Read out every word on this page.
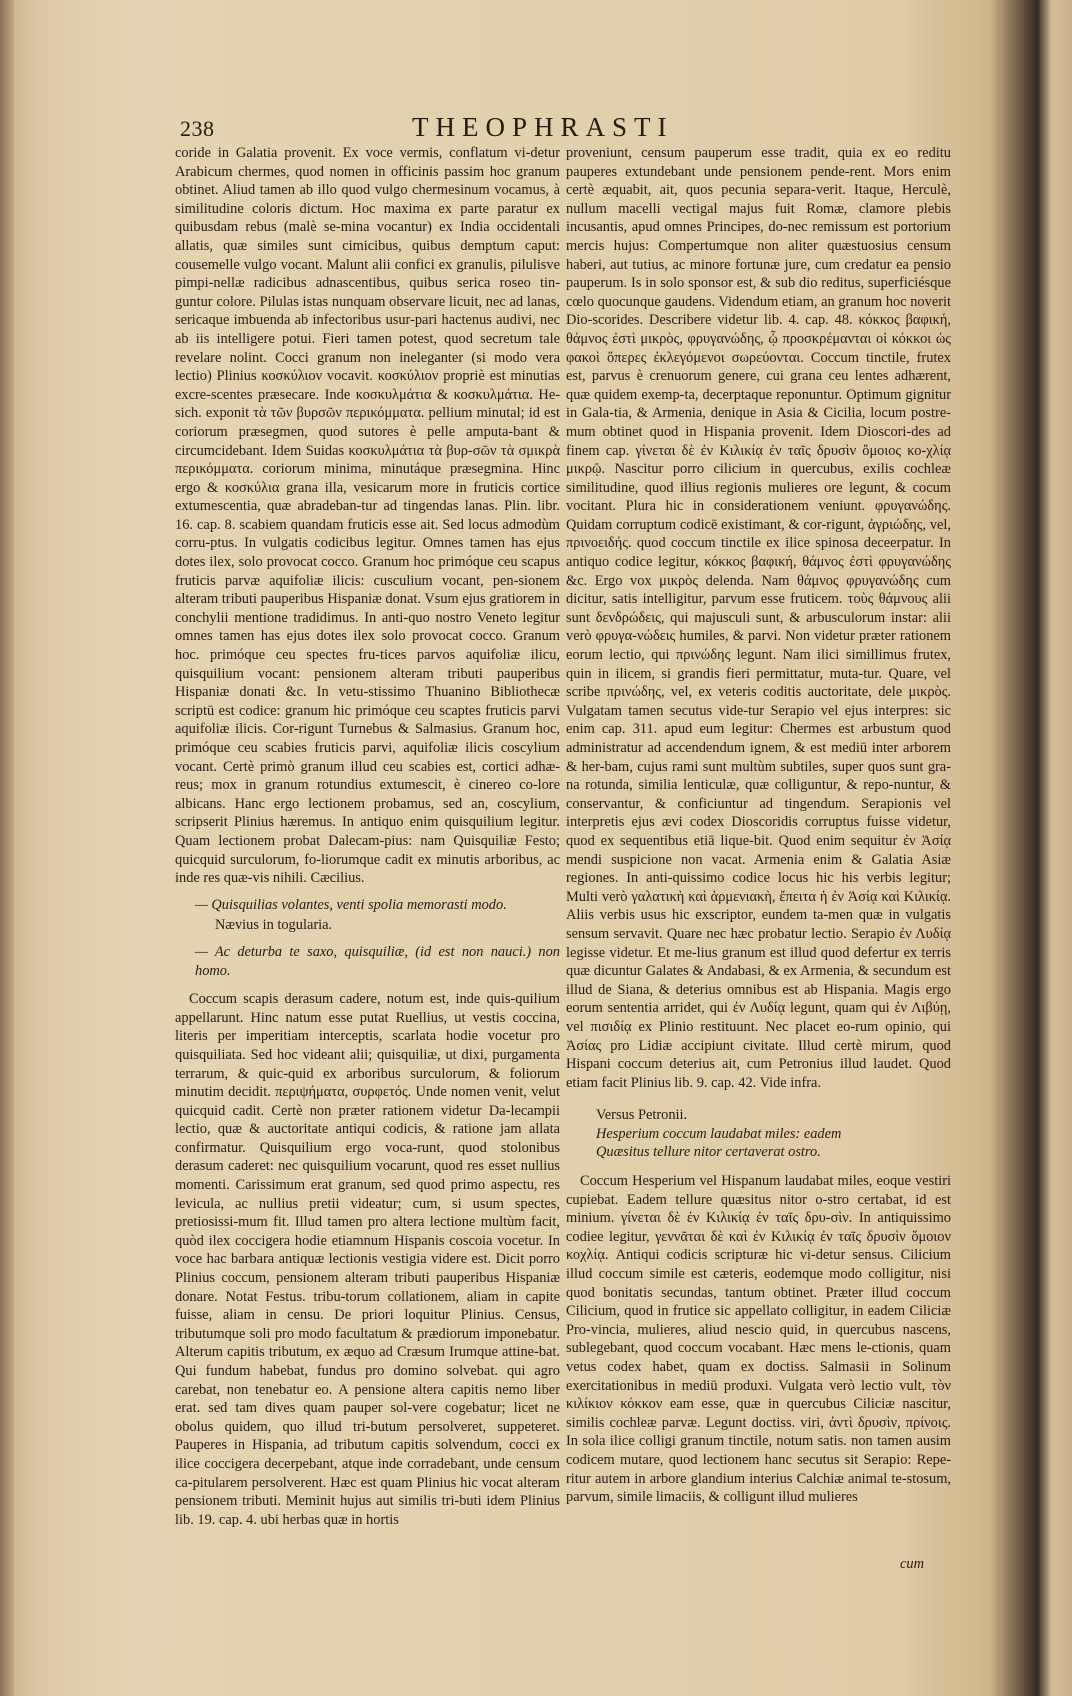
238	THEOPHRASTI

coride in Galatia provenit. Ex voce vermis, conflatum vi-detur Arabicum chermes, quod nomen in officinis passim hoc granum obtinet. Aliud tamen ab illo quod vulgo chermesinum vocamus, à similitudine coloris dictum. Hoc maxima ex parte paratur ex quibusdam rebus (malè se-mina vocantur) ex India occidentali allatis, quæ similes sunt cimicibus, quibus demptum caput: cousemelle vulgo vocant. Malunt alii confici ex granulis, pilulisve pimpi-nellæ radicibus adnascentibus, quibus serica roseo tin-guntur colore. Pilulas istas nunquam observare licuit, nec ad lanas, sericaque imbuenda ab infectoribus usur-pari hactenus audivi, nec ab iis intelligere potui. Fieri tamen potest, quod secretum tale revelare nolint. Cocci granum non ineleganter (si modo vera lectio) Plinius κοσκύλιον vocavit. κοσκύλιον propriè est minutias excre-scentes præsecare. Inde κοσκυλμάτια & κοσκυλμάτια. He-sich. exponit τὰ τῶν βυρσῶν περικόμματα. pellium minutal; id est coriorum præsegmen, quod sutores è pelle amputa-bant & circumcidebant. Idem Suidas κοσκυλμάτια τὰ βυρ-σῶν τὰ σμικρὰ περικόμματα. coriorum minima, minutáque præsegmina. Hinc ergo & κοσκύλια grana illa, vesicarum more in fruticis cortice extumescentia, quæ abradeban-tur ad tingendas lanas. Plin. libr. 16. cap. 8. scabiem quandam fruticis esse ait. Sed locus admodùm corru-ptus. In vulgatis codicibus legitur. Omnes tamen has ejus dotes ilex, solo provocat cocco. Granum hoc primóque ceu scapus fruticis parvæ aquifoliæ ilicis: cusculium vocant, pen-sionem alteram tributi pauperibus Hispaniæ donat. Vsum ejus gratiorem in conchylii mentione tradidimus. In anti-quo nostro Veneto legitur omnes tamen has ejus dotes ilex solo provocat cocco. Granum hoc. primóque ceu spectes fru-tices parvos aquifoliæ ilicu, quisquilium vocant: pensionem alteram tributi pauperibus Hispaniæ donati &c. In vetu-stissimo Thuanino Bibliothecæ scriptū est codice: granum hic primóque ceu scaptes fruticis parvi aquifoliæ ilicis. Cor-rigunt Turnebus & Salmasius. Granum hoc, primóque ceu scabies fruticis parvi, aquifoliæ ilicis coscylium vocant. Certè primò granum illud ceu scabies est, cortici adhæ-reus; mox in granum rotundius extumescit, è cinereo co-lore albicans. Hanc ergo lectionem probamus, sed an, coscylium, scripserit Plinius hæremus. In antiquo enim quisquilium legitur. Quam lectionem probat Dalecam-pius: nam Quisquiliæ Festo; quicquid surculorum, fo-liorumque cadit ex minutis arboribus, ac inde res quæ-vis nihili. Cæcilius.

— Quisquilias volantes, venti spolia memorasti modo.

Nævius in togularia.

— Ac deturba te saxo, quisquiliæ, (id est non nauci.) non homo.

Coccum scapis derasum cadere, notum est, inde quis-quilium appellarunt. Hinc natum esse putat Ruellius, ut vestis coccina, literis per imperitiam interceptis, scarlata hodie vocetur pro quisquiliata. Sed hoc videant alii; quisquiliæ, ut dixi, purgamenta terrarum, & quic-quid ex arboribus surculorum, & foliorum minutim decidit. περιψήματα, συρφετός. Unde nomen venit, velut quicquid cadit. Certè non præter rationem videtur Da-lecampii lectio, quæ & auctoritate antiqui codicis, & ratione jam allata confirmatur. Quisquilium ergo voca-runt, quod stolonibus derasum caderet: nec quisquilium vocarunt, quod res esset nullius momenti. Carissimum erat granum, sed quod primo aspectu, res levicula, ac nullius pretii videatur; cum, si usum spectes, pretiosissi-mum fit. Illud tamen pro altera lectione multùm facit, quòd ilex coccigera hodie etiamnum Hispanis coscoia vocetur. In voce hac barbara antiquæ lectionis vestigia videre est. Dicit porro Plinius coccum, pensionem alteram tributi pauperibus Hispaniæ donare. Notat Festus. tribu-torum collationem, aliam in capite fuisse, aliam in censu. De priori loquitur Plinius. Census, tributumque soli pro modo facultatum & prædiorum imponebatur. Alterum capitis tributum, ex æquo ad Cræsum Irumque attine-bat. Qui fundum habebat, fundus pro domino solvebat. qui agro carebat, non tenebatur eo. A pensione altera capitis nemo liber erat. sed tam dives quam pauper sol-vere cogebatur; licet ne obolus quidem, quo illud tri-butum persolveret, suppeteret. Pauperes in Hispania, ad tributum capitis solvendum, cocci ex ilice coccigera decerpebant, atque inde corradebant, unde censum ca-pitularem persolverent. Hæc est quam Plinius hic vocat alteram pensionem tributi. Meminit hujus aut similis tri-buti idem Plinius lib. 19. cap. 4. ubi herbas quæ in hortis

proveniunt, censum pauperum esse tradit, quia ex eo reditu pauperes extundebant unde pensionem pende-rent. Mors enim certè æquabit, ait, quos pecunia separa-verit. Itaque, Herculè, nullum macelli vectigal majus fuit Romæ, clamore plebis incusantis, apud omnes Principes, do-nec remissum est portorium mercis hujus: Compertumque non aliter quæstuosius censum haberi, aut tutius, ac minore fortunæ jure, cum credatur ea pensio pauperum. Is in solo sponsor est, & sub dio reditus, superficiésque cœlo quocunque gaudens. Videndum etiam, an granum hoc noverit Dio-scorides. Describere videtur lib. 4. cap. 48. κόκκος βαφική, θάμνος ἐστὶ μικρὸς, φρυγανώδης, ᾧ προσκρέμανται οἱ κόκκοι ὡς φακοὶ ὅπερες ἐκλεγόμενοι σωρεύονται. Coccum tinctile, frutex est, parvus è crenuorum genere, cui grana ceu lentes adhærent, quæ quidem exemp-ta, decerptaque reponuntur. Optimum gignitur in Gala-tia, & Armenia, denique in Asia & Cicilia, locum postre-mum obtinet quod in Hispania provenit. Idem Dioscori-des ad finem cap. γίνεται δὲ ἐν Κιλικίᾳ ἐν ταῖς δρυσὶν ὅμοιος κο-χλίᾳ μικρῷ. Nascitur porro cilicium in quercubus, exilis cochleæ similitudine, quod illius regionis mulieres ore legunt, & cocum vocitant. Plura hic in considerationem veniunt. φρυγανώδης. Quidam corruptum codicē existimant, & cor-rigunt, ἀγριώδης, vel, πρινοειδής. quod coccum tinctile ex ilice spinosa deceerpatur. In antiquo codice legitur, κόκκος βαφική, θάμνος ἐστὶ φρυγανώδης &c. Ergo vox μικρὸς delenda. Nam θάμνος φρυγανώδης cum dicitur, satis intelligitur, parvum esse fruticem. τοὺς θάμνους alii sunt δενδρώδεις, qui majusculi sunt, & arbusculorum instar: alii verò φρυγα-νώδεις humiles, & parvi. Non videtur præter rationem eorum lectio, qui πρινώδης legunt. Nam ilici simillimus frutex, quin in ilicem, si grandis fieri permittatur, muta-tur. Quare, vel scribe πρινώδης, vel, ex veteris coditis auctoritate, dele μικρὸς. Vulgatam tamen secutus vide-tur Serapio vel ejus interpres: sic enim cap. 311. apud eum legitur: Chermes est arbustum quod administratur ad accendendum ignem, & est mediū inter arborem & her-bam, cujus rami sunt multùm subtiles, super quos sunt gra-na rotunda, similia lenticulæ, quæ colliguntur, & repo-nuntur, & conservantur, & conficiuntur ad tingendum. Serapionis vel interpretis ejus ævi codex Dioscoridis corruptus fuisse videtur, quod ex sequentibus etiā lique-bit. Quod enim sequitur ἐν Ἀσίᾳ mendi suspicione non vacat. Armenia enim & Galatia Asiæ regiones. In anti-quissimo codice locus hic his verbis legitur; Multi verò γαλατικὴ καὶ ἀρμενιακὴ, ἔπειτα ἡ ἐν Ἀσίᾳ καὶ Κιλικίᾳ. Aliis verbis usus hic exscriptor, eundem ta-men quæ in vulgatis sensum servavit. Quare nec hæc probatur lectio. Serapio ἐν Λυδίᾳ legisse videtur. Et me-lius granum est illud quod defertur ex terris quæ dicuntur Galates & Andabasi, & ex Armenia, & secundum est illud de Siana, & deterius omnibus est ab Hispania. Magis ergo eorum sententia arridet, qui ἐν Λυδίᾳ legunt, quam qui ἐν Λιβύῃ, vel πισιδίᾳ ex Plinio restituunt. Nec placet eo-rum opinio, qui Ἀσίας pro Lidiæ accipiunt civitate. Illud certè mirum, quod Hispani coccum deterius ait, cum Petronius illud laudet. Quod etiam facit Plinius lib. 9. cap. 42. Vide infra.

Versus Petronii.
Hesperium coccum laudabat miles: eadem
Quæsitus tellure nitor certaverat ostro.

Coccum Hesperium vel Hispanum laudabat miles, eoque vestiri cupiebat. Eadem tellure quæsitus nitor o-stro certabat, id est minium. γίνεται δὲ ἐν Κιλικίᾳ ἐν ταῖς δρυ-σὶν. In antiquissimo codiee legitur, γεννᾶται δὲ καὶ ἐν Κιλικίᾳ ἐν ταῖς δρυσὶν ὅμοιον κοχλίᾳ. Antiqui codicis scripturæ hic vi-detur sensus. Cilicium illud coccum simile est cæteris, eodemque modo colligitur, nisi quod bonitatis secundas, tantum obtinet. Præter illud coccum Cilicium, quod in frutice sic appellato colligitur, in eadem Ciliciæ Pro-vincia, mulieres, aliud nescio quid, in quercubus nascens, sublegebant, quod coccum vocabant. Hæc mens le-ctionis, quam vetus codex habet, quam ex doctiss. Salmasii in Solinum exercitationibus in mediū produxi. Vulgata verò lectio vult, τὸν κιλίκιον κόκκον eam esse, quæ in quercubus Ciliciæ nascitur, similis cochleæ parvæ. Legunt doctiss. viri, ἀντὶ δρυσὶν, πρίνοις. In sola ilice colligi granum tinctile, notum satis. non tamen ausim codicem mutare, quod lectionem hanc secutus sit Serapio: Repe-ritur autem in arbore glandium interius Calchiæ animal te-stosum, parvum, simile limaciis, & colligunt illud mulieres

cum
